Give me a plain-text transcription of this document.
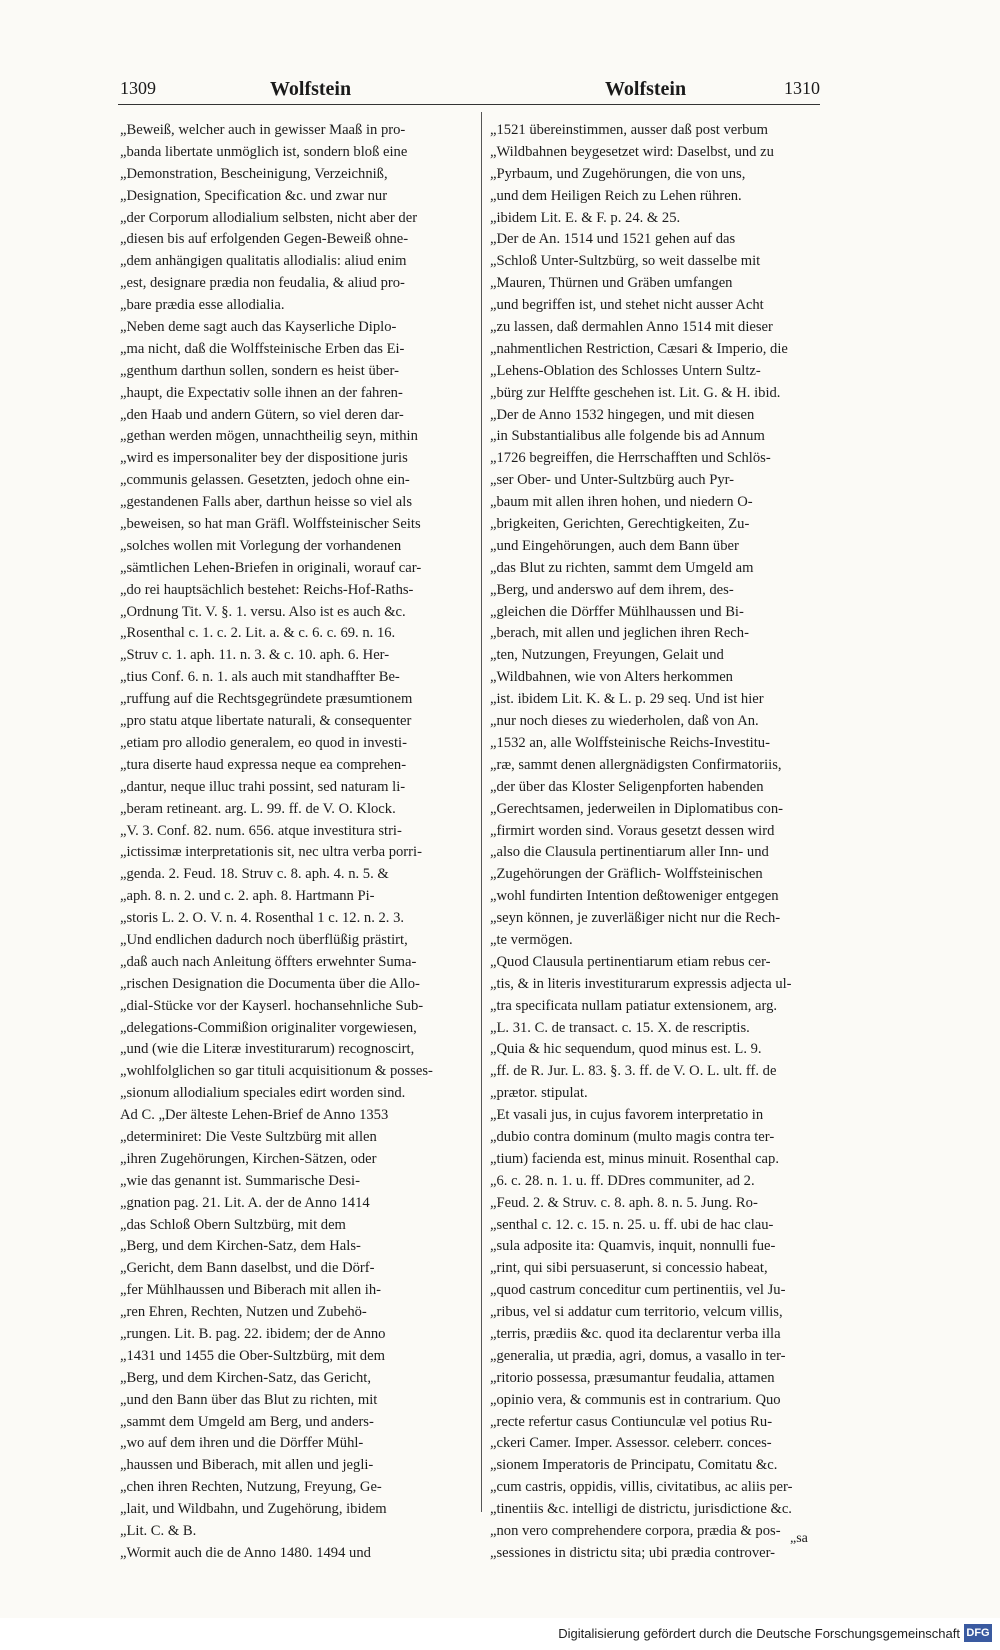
1309	Wolfstein	Wolfstein	1310
„Beweiß, welcher auch in gewisser Maaß in pro-
„banda libertate unmöglich ist, sondern bloß eine
„Demonstration, Bescheinigung, Verzeichniß,
„Designation, Specification &c. und zwar nur
„der Corporum allodialium selbsten, nicht aber der
„diesen bis auf erfolgenden Gegen-Beweiß ohne-
„dem anhängigen qualitatis allodialis: aliud enim
„est, designare prædia non feudalia, & aliud pro-
„bare prædia esse allodialia.
„Neben deme sagt auch das Kayserliche Diplo-
„ma nicht, daß die Wolffsteinische Erben das Ei-
„genthum darthun sollen, sondern es heist über-
„haupt, die Expectativ solle ihnen an der fahren-
„den Haab und andern Gütern, so viel deren dar-
„gethan werden mögen, unnachtheilig seyn, mithin
„wird es impersonaliter bey der dispositione juris
„communis gelassen. Gesetzten, jedoch ohne ein-
„gestandenen Falls aber, darthun heisse so viel als
„beweisen, so hat man Gräfl. Wolffsteinischer Seits
„solches wollen mit Vorlegung der vorhandenen
„sämtlichen Lehen-Briefen in originali, worauf car-
„do rei hauptsächlich bestehet: Reichs-Hof-Raths-
„Ordnung Tit. V. §. 1. versu. Also ist es auch &c.
„Rosenthal c. 1. c. 2. Lit. a. & c. 6. c. 69. n. 16.
„Struv c. 1. aph. 11. n. 3. & c. 10. aph. 6. Her-
„tius Conf. 6. n. 1. als auch mit standhaffter Be-
„ruffung auf die Rechtsgegründete præsumtionem
„pro statu atque libertate naturali, & consequenter
„etiam pro allodio generalem, eo quod in investi-
„tura diserte haud expressa neque ea comprehen-
„dantur, neque illuc trahi possint, sed naturam li-
„beram retineant. arg. L. 99. ff. de V. O. Klock.
„V. 3. Conf. 82. num. 656. atque investitura stri-
„ictissimæ interpretationis sit, nec ultra verba porri-
„genda. 2. Feud. 18. Struv c. 8. aph. 4. n. 5. &
„aph. 8. n. 2. und c. 2. aph. 8. Hartmann Pi-
„storis L. 2. O. V. n. 4. Rosenthal 1 c. 12. n. 2. 3.
„Und endlichen dadurch noch überflüßig prästirt,
„daß auch nach Anleitung öffters erwehnter Suma-
„rischen Designation die Documenta über die Allo-
„dial-Stücke vor der Kayserl. hochansehnliche Sub-
„delegations-Commißion originaliter vorgewiesen,
„und (wie die Literæ investiturarum) recognoscirt,
„wohlfolglichen so gar tituli acquisitionum & posses-
„sionum allodialium speciales edirt worden sind.
Ad C. „Der älteste Lehen-Brief de Anno 1353
„determiniret: Die Veste Sultzbürg mit allen
„ihren Zugehörungen, Kirchen-Sätzen, oder
„wie das genannt ist. Summarische Desi-
„gnation pag. 21. Lit. A. der de Anno 1414
„das Schloß Obern Sultzbürg, mit dem
„Berg, und dem Kirchen-Satz, dem Hals-
„Gericht, dem Bann daselbst, und die Dörf-
„fer Mühlhaussen und Biberach mit allen ih-
„ren Ehren, Rechten, Nutzen und Zubehö-
„rungen. Lit. B. pag. 22. ibidem; der de Anno
„1431 und 1455 die Ober-Sultzbürg, mit dem
„Berg, und dem Kirchen-Satz, das Gericht,
„und den Bann über das Blut zu richten, mit
„sammt dem Umgeld am Berg, und anders-
„wo auf dem ihren und die Dörffer Mühl-
„haussen und Biberach, mit allen und jegli-
„chen ihren Rechten, Nutzung, Freyung, Ge-
„lait, und Wildbahn, und Zugehörung, ibidem
„Lit. C. & B.
„Wormit auch die de Anno 1480. 1494 und
„1521 übereinstimmen, ausser daß post verbum
„Wildbahnen beygesetzet wird: Daselbst, und zu
„Pyrbaum, und Zugehörungen, die von uns,
„und dem Heiligen Reich zu Lehen rühren.
„ibidem Lit. E. & F. p. 24. & 25.
„Der de An. 1514 und 1521 gehen auf das
„Schloß Unter-Sultzbürg, so weit dasselbe mit
„Mauren, Thürnen und Gräben umfangen
„und begriffen ist, und stehet nicht ausser Acht
„zu lassen, daß dermahlen Anno 1514 mit dieser
„nahmentlichen Restriction, Cæsari & Imperio, die
„Lehens-Oblation des Schlosses Untern Sultz-
„bürg zur Helffte geschehen ist. Lit. G. & H. ibid.
„Der de Anno 1532 hingegen, und mit diesen
„in Substantialibus alle folgende bis ad Annum
„1726 begreiffen, die Herrschafften und Schlös-
„ser Ober- und Unter-Sultzbürg auch Pyr-
„baum mit allen ihren hohen, und niedern O-
„brigkeiten, Gerichten, Gerechtigkeiten, Zu-
„und Eingehörungen, auch dem Bann über
„das Blut zu richten, sammt dem Umgeld am
„Berg, und anderswo auf dem ihrem, des-
„gleichen die Dörffer Mühlhaussen und Bi-
„berach, mit allen und jeglichen ihren Rech-
„ten, Nutzungen, Freyungen, Gelait und
„Wildbahnen, wie von Alters herkommen
„ist. ibidem Lit. K. & L. p. 29 seq. Und ist hier
„nur noch dieses zu wiederholen, daß von An.
„1532 an, alle Wolffsteinische Reichs-Investitu-
„ræ, sammt denen allergnädigsten Confirmatoriis,
„der über das Kloster Seligenpforten habenden
„Gerechtsamen, jederweilen in Diplomatibus con-
„firmirt worden sind. Voraus gesetzt dessen wird
„also die Clausula pertinentiarum aller Inn- und
„Zugehörungen der Gräflich- Wolffsteinischen
„wohl fundirten Intention deßtoweniger entgegen
„seyn können, je zuverläßiger nicht nur die Rech-
„te vermögen.
„Quod Clausula pertinentiarum etiam rebus cer-
„tis, & in literis investiturarum expressis adjecta ul-
„tra specificata nullam patiatur extensionem, arg.
„L. 31. C. de transact. c. 15. X. de rescriptis.
„Quia & hic sequendum, quod minus est. L. 9.
„ff. de R. Jur. L. 83. §. 3. ff. de V. O. L. ult. ff. de
„prætor. stipulat.
„Et vasali jus, in cujus favorem interpretatio in
„dubio contra dominum (multo magis contra ter-
„tium) facienda est, minus minuit. Rosenthal cap.
„6. c. 28. n. 1. u. ff. DDres communiter, ad 2.
„Feud. 2. & Struv. c. 8. aph. 8. n. 5. Jung. Ro-
„senthal c. 12. c. 15. n. 25. u. ff. ubi de hac clau-
„sula adposite ita: Quamvis, inquit, nonnulli fue-
„rint, qui sibi persuaserunt, si concessio habeat,
„quod castrum conceditur cum pertinentiis, vel Ju-
„ribus, vel si addatur cum territorio, velcum villis,
„terris, prædiis &c. quod ita declarentur verba illa
„generalia, ut prædia, agri, domus, a vasallo in ter-
„ritorio possessa, præsumantur feudalia, attamen
„opinio vera, & communis est in contrarium. Quo
„recte refertur casus Contiunculæ vel potius Ru-
„ckeri Camer. Imper. Assessor. celeberr. conces-
„sionem Imperatoris de Principatu, Comitatu &c.
„cum castris, oppidis, villis, civitatibus, ac aliis per-
„tinentiis &c. intelligi de districtu, jurisdictione &c.
„non vero comprehendere corpora, prædia & pos-
„sessiones in districtu sita; ubi prædia controver-
„sa
Digitalisierung gefördert durch die Deutsche Forschungsgemeinschaft DFG
